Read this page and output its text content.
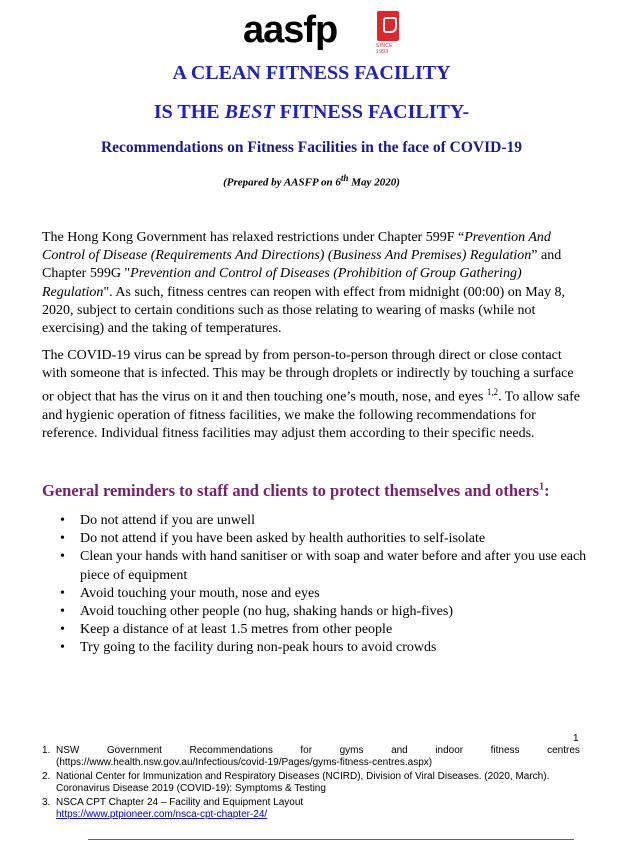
aasfp	SINCE 1993
A CLEAN FITNESS FACILITY
IS THE BEST FITNESS FACILITY-
Recommendations on Fitness Facilities in the face of COVID-19
(Prepared by AASFP on 6th May 2020)
The Hong Kong Government has relaxed restrictions under Chapter 599F “Prevention And Control of Disease (Requirements And Directions) (Business And Premises) Regulation” and Chapter 599G "Prevention and Control of Diseases (Prohibition of Group Gathering) Regulation". As such, fitness centres can reopen with effect from midnight (00:00) on May 8, 2020, subject to certain conditions such as those relating to wearing of masks (while not exercising) and the taking of temperatures.
The COVID-19 virus can be spread by from person-to-person through direct or close contact with someone that is infected. This may be through droplets or indirectly by touching a surface or object that has the virus on it and then touching one’s mouth, nose, and eyes $^{1,2}$. To allow safe and hygienic operation of fitness facilities, we make the following recommendations for reference. Individual fitness facilities may adjust them according to their specific needs.
General reminders to staff and clients to protect themselves and others$^1$:
• Do not attend if you are unwell
• Do not attend if you have been asked by health authorities to self-isolate
• Clean your hands with hand sanitiser or with soap and water before and after you use each piece of equipment
• Avoid touching your mouth, nose and eyes
• Avoid touching other people (no hug, shaking hands or high-fives)
• Keep a distance of at least 1.5 metres from other people
• Try going to the facility during non-peak hours to avoid crowds
1
1. NSW	Government	Recommendations	for	gyms	and	indoor	fitness	centres
(https://www.health.nsw.gov.au/Infectious/covid-19/Pages/gyms-fitness-centres.aspx)
2. National Center for Immunization and Respiratory Diseases (NCIRD), Division of Viral Diseases. (2020, March). Coronavirus Disease 2019 (COVID-19): Symptoms & Testing
3. NSCA CPT Chapter 24 – Facility and Equipment Layout
https://www.ptpioneer.com/nsca-cpt-chapter-24/
